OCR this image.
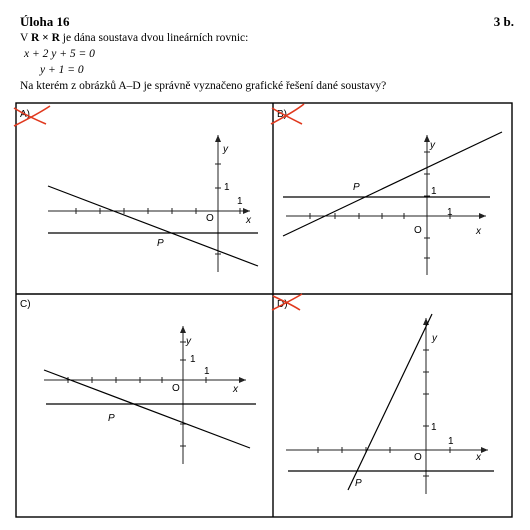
Úloha 16	3 b.
V R × R je dána soustava dvou lineárních rovnic:
x + 2 y + 5 = 0
y + 1 = 0
Na kterém z obrázků A–D je správně vyznačeno grafické řešení dané soustavy?
y
x
O
1
1
P
A)
y
x
O
1
1
P
B)
y
x
O
1
1
P
C)
y
x
O
1
1
P
D)
